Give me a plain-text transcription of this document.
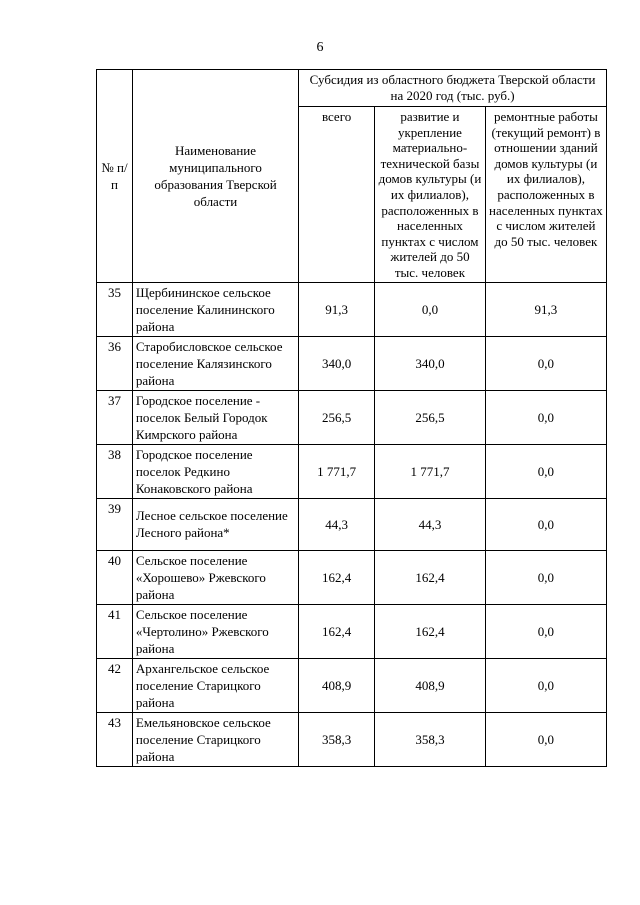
6
№ п/п	Наименование муниципального образования Тверской области	Субсидия из областного бюджета Тверской области на 2020 год (тыс. руб.)		
		всего	развитие и укрепление материально-технической базы домов культуры (и их филиалов), расположенных в населенных пунктах с числом жителей до 50 тыс. человек	ремонтные работы (текущий ремонт) в отношении зданий домов культуры (и их филиалов), расположенных в населенных пунктах с числом жителей до 50 тыс. человек
35	Щербининское сельское поселение Калининского района	91,3	0,0	91,3
36	Старобисловское сельское поселение Калязинского района	340,0	340,0	0,0
37	Городское поселение - поселок Белый Городок Кимрского района	256,5	256,5	0,0
38	Городское поселение поселок Редкино Конаковского района	1 771,7	1 771,7	0,0
39	Лесное сельское поселение Лесного района*	44,3	44,3	0,0
40	Сельское поселение «Хорошево» Ржевского района	162,4	162,4	0,0
41	Сельское поселение «Чертолино» Ржевского района	162,4	162,4	0,0
42	Архангельское сельское поселение Старицкого района	408,9	408,9	0,0
43	Емельяновское сельское поселение Старицкого района	358,3	358,3	0,0
